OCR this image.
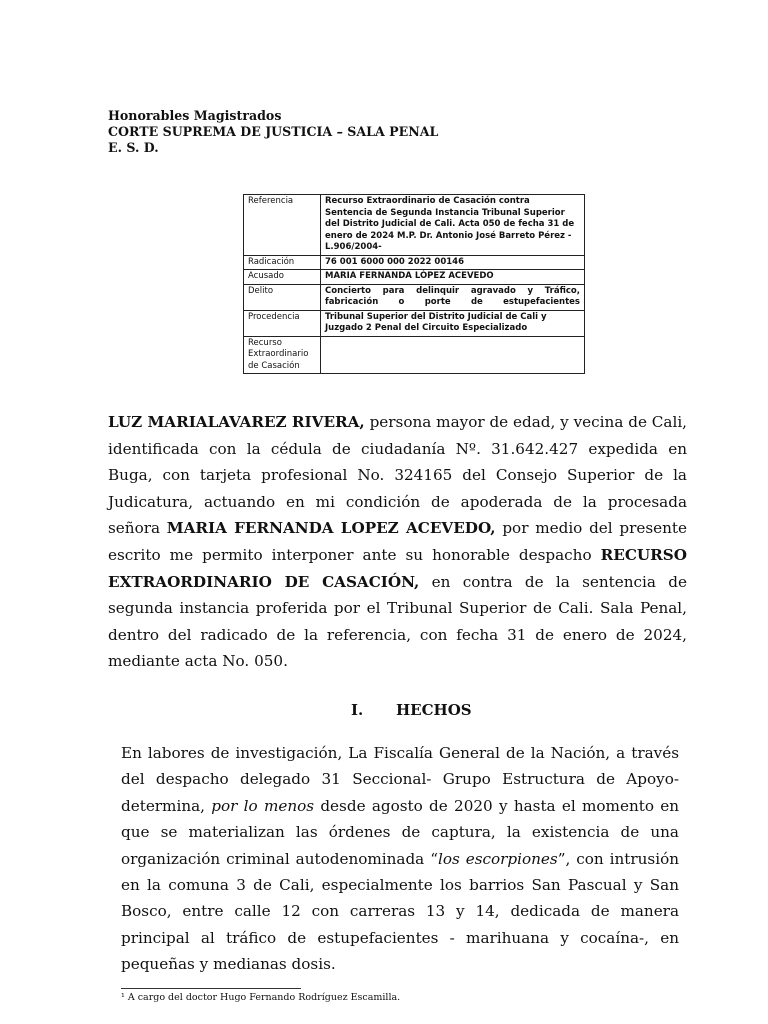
Honorables Magistrados
CORTE SUPREMA DE JUSTICIA – SALA PENAL
E. S. D.
Referencia	Recurso Extraordinario de Casación contra Sentencia de Segunda Instancia Tribunal Superior del Distrito Judicial de Cali. Acta 050 de fecha 31 de enero de 2024 M.P. Dr. Antonio José Barreto Pérez - L.906/2004-
Radicación	76 001 6000 000 2022 00146
Acusado	MARIA FERNANDA LÓPEZ ACEVEDO
Delito	Concierto para delinquir agravado y Tráfico, fabricación o porte de estupefacientes
Procedencia	Tribunal Superior del Distrito Judicial de Cali y Juzgado 2 Penal del Circuito Especializado
Recurso Extraordinario de Casación	
LUZ MARIALAVAREZ RIVERA, persona mayor de edad, y vecina de Cali, identificada con la cédula de ciudadanía Nº. 31.642.427 expedida en Buga, con tarjeta profesional No. 324165 del Consejo Superior de la Judicatura, actuando en mi condición de apoderada de la procesada señora MARIA FERNANDA LOPEZ ACEVEDO, por medio del presente escrito me permito interponer ante su honorable despacho RECURSO EXTRAORDINARIO DE CASACIÓN, en contra de la sentencia de segunda instancia proferida por el Tribunal Superior de Cali. Sala Penal, dentro del radicado de la referencia, con fecha 31 de enero de 2024, mediante acta No. 050.
I. HECHOS
En labores de investigación, La Fiscalía General de la Nación, a través del despacho delegado 31 Seccional- Grupo Estructura de Apoyo- determina, por lo menos desde agosto de 2020 y hasta el momento en que se materializan las órdenes de captura, la existencia de una organización criminal autodenominada “los escorpiones”, con intrusión en la comuna 3 de Cali, especialmente los barrios San Pascual y San Bosco, entre calle 12 con carreras 13 y 14, dedicada de manera principal al tráfico de estupefacientes - marihuana y cocaína-, en pequeñas y medianas dosis.
¹ A cargo del doctor Hugo Fernando Rodríguez Escamilla.
